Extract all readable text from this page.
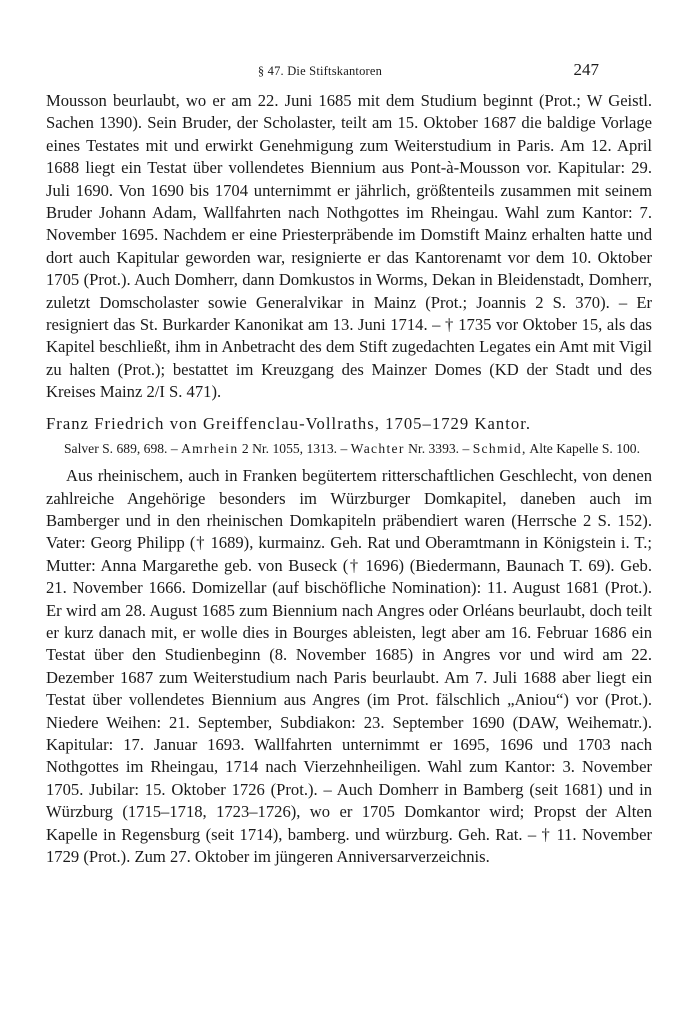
§ 47. Die Stiftskantoren	247

Mousson beurlaubt, wo er am 22. Juni 1685 mit dem Studium beginnt (Prot.; W Geistl. Sachen 1390). Sein Bruder, der Scholaster, teilt am 15. Oktober 1687 die baldige Vorlage eines Testates mit und erwirkt Genehmigung zum Weiterstudium in Paris. Am 12. April 1688 liegt ein Testat über vollendetes Biennium aus Pont-à-Mousson vor. Kapitular: 29. Juli 1690. Von 1690 bis 1704 unternimmt er jährlich, größtenteils zusammen mit seinem Bruder Johann Adam, Wallfahrten nach Nothgottes im Rheingau. Wahl zum Kantor: 7. November 1695. Nachdem er eine Priesterpräbende im Domstift Mainz erhalten hatte und dort auch Kapitular geworden war, resignierte er das Kantorenamt vor dem 10. Oktober 1705 (Prot.). Auch Domherr, dann Domkustos in Worms, Dekan in Bleidenstadt, Domherr, zuletzt Domscholaster sowie Generalvikar in Mainz (Prot.; Joannis 2 S. 370). – Er resigniert das St. Burkarder Kanonikat am 13. Juni 1714. – † 1735 vor Oktober 15, als das Kapitel beschließt, ihm in Anbetracht des dem Stift zugedachten Legates ein Amt mit Vigil zu halten (Prot.); bestattet im Kreuzgang des Mainzer Domes (KD der Stadt und des Kreises Mainz 2/I S. 471).

Franz Friedrich von Greiffenclau-Vollraths, 1705–1729 Kantor.

Salver S. 689, 698. – Amrhein 2 Nr. 1055, 1313. – Wachter Nr. 3393. – Schmid, Alte Kapelle S. 100.

Aus rheinischem, auch in Franken begütertem ritterschaftlichen Geschlecht, von denen zahlreiche Angehörige besonders im Würzburger Domkapitel, daneben auch im Bamberger und in den rheinischen Domkapiteln präbendiert waren (Herrsche 2 S. 152). Vater: Georg Philipp († 1689), kurmainz. Geh. Rat und Oberamtmann in Königstein i. T.; Mutter: Anna Margarethe geb. von Buseck († 1696) (Biedermann, Baunach T. 69). Geb. 21. November 1666. Domizellar (auf bischöfliche Nomination): 11. August 1681 (Prot.). Er wird am 28. August 1685 zum Biennium nach Angres oder Orléans beurlaubt, doch teilt er kurz danach mit, er wolle dies in Bourges ableisten, legt aber am 16. Februar 1686 ein Testat über den Studienbeginn (8. November 1685) in Angres vor und wird am 22. Dezember 1687 zum Weiterstudium nach Paris beurlaubt. Am 7. Juli 1688 aber liegt ein Testat über vollendetes Biennium aus Angres (im Prot. fälschlich „Aniou“) vor (Prot.). Niedere Weihen: 21. September, Subdiakon: 23. September 1690 (DAW, Weihematr.). Kapitular: 17. Januar 1693. Wallfahrten unternimmt er 1695, 1696 und 1703 nach Nothgottes im Rheingau, 1714 nach Vierzehnheiligen. Wahl zum Kantor: 3. November 1705. Jubilar: 15. Oktober 1726 (Prot.). – Auch Domherr in Bamberg (seit 1681) und in Würzburg (1715–1718, 1723–1726), wo er 1705 Domkantor wird; Propst der Alten Kapelle in Regensburg (seit 1714), bamberg. und würzburg. Geh. Rat. – † 11. November 1729 (Prot.). Zum 27. Oktober im jüngeren Anniversarverzeichnis.
